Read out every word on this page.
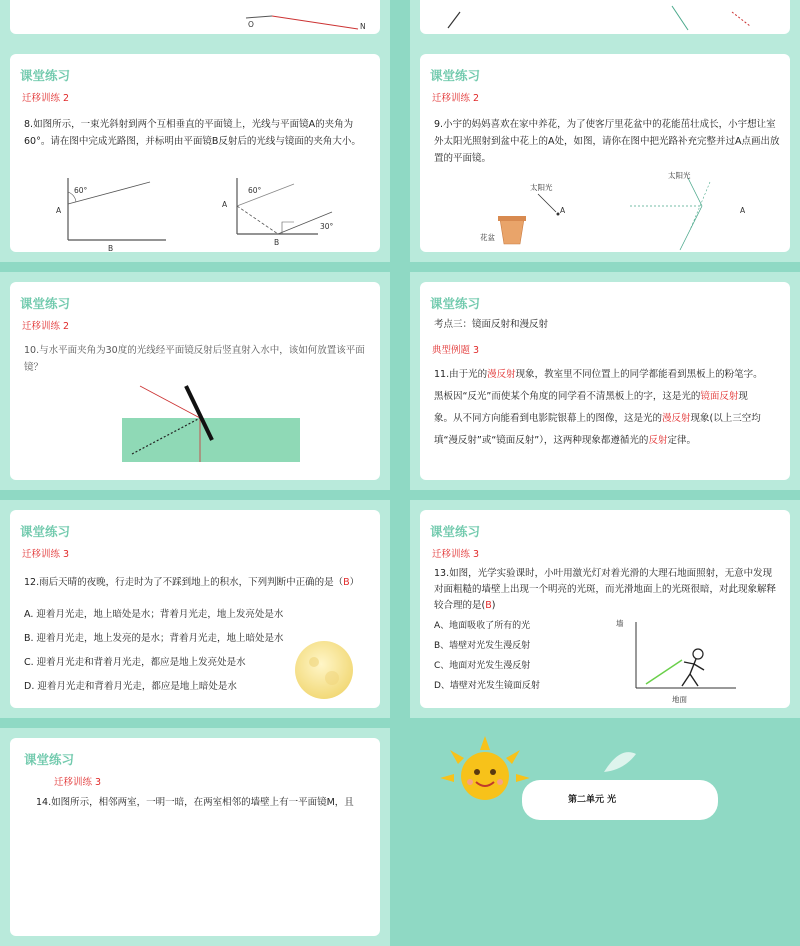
O	N
课堂练习
迁移训练 2
8.如图所示，一束光斜射到两个互相垂直的平面镜上，光线与平面镜A的夹角为60°。请在图中完成光路图，并标明由平面镜B反射后的光线与镜面的夹角大小。
A
60°
B
A
60°
B
30°
课堂练习
迁移训练 2
9.小宇的妈妈喜欢在家中养花，为了使客厅里花盆中的花能茁壮成长，小宇想让室外太阳光照射到盆中花上的A处，如图，请你在图中把光路补充完整并过A点画出放置的平面镜。
太阳光
A
花盆
太阳光
A
课堂练习
迁移训练 2
10.与水平面夹角为30度的光线经平面镜反射后竖直射入水中，该如何放置该平面镜？
课堂练习
考点三：镜面反射和漫反射
典型例题 3
11.由于光的漫反射现象，教室里不同位置上的同学都能看到黑板上的粉笔字。
黑板因“反光”而使某个角度的同学看不清黑板上的字，这是光的镜面反射现
象。从不同方向能看到电影院银幕上的图像，这是光的漫反射现象(以上三空均
填“漫反射”或“镜面反射”），这两种现象都遵循光的反射定律。
课堂练习
迁移训练 3
12.雨后天晴的夜晚，行走时为了不踩到地上的积水，下列判断中正确的是（B）
A. 迎着月光走，地上暗处是水；背着月光走，地上发亮处是水
B. 迎着月光走，地上发亮的是水；背着月光走，地上暗处是水
C. 迎着月光走和背着月光走，都应是地上发亮处是水
D. 迎着月光走和背着月光走，都应是地上暗处是水
课堂练习
迁移训练 3
13.如图，光学实验课时，小叶用激光灯对着光滑的大理石地面照射，无意中发现对面粗糙的墙壁上出现一个明亮的光斑，而光滑地面上的光斑很暗，对此现象解释较合理的是(B)
A、地面吸收了所有的光
B、墙壁对光发生漫反射
C、地面对光发生漫反射
D、墙壁对光发生镜面反射
墙
地面
课堂练习
迁移训练 3
14.如图所示，相邻两室，一明一暗，在两室相邻的墙壁上有一平面镜M，且	第二单元 光
